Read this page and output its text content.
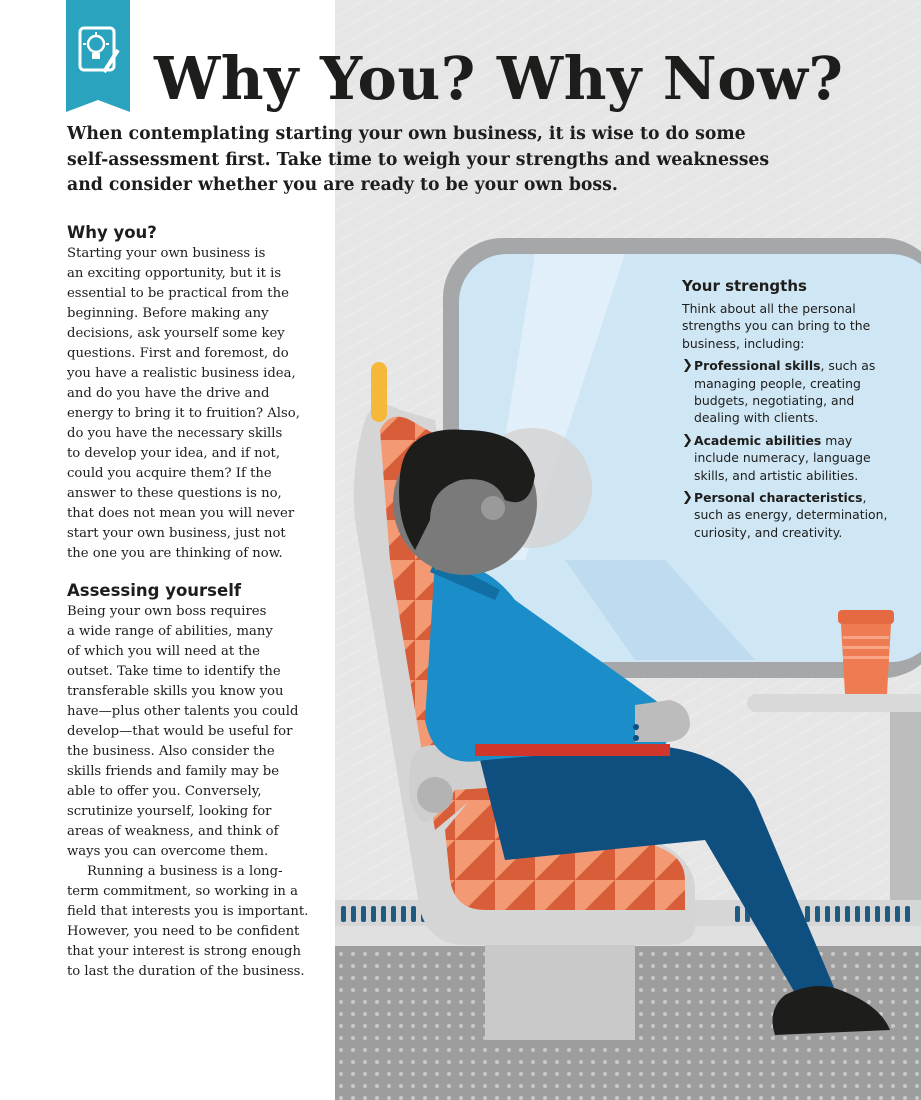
Why You? Why Now?

When contemplating starting your own business, it is wise to do some
self-assessment first. Take time to weigh your strengths and weaknesses
and consider whether you are ready to be your own boss.

Why you?

Starting your own business is
an exciting opportunity, but it is
essential to be practical from the
beginning. Before making any
decisions, ask yourself some key
questions. First and foremost, do
you have a realistic business idea,
and do you have the drive and
energy to bring it to fruition? Also,
do you have the necessary skills
to develop your idea, and if not,
could you acquire them? If the
answer to these questions is no,
that does not mean you will never
start your own business, just not
the one you are thinking of now.

Assessing yourself

Being your own boss requires
a wide range of abilities, many
of which you will need at the
outset. Take time to identify the
transferable skills you know you
have—plus other talents you could
develop—that would be useful for
the business. Also consider the
skills friends and family may be
able to offer you. Conversely,
scrutinize yourself, looking for
areas of weakness, and think of
ways you can overcome them.

Running a business is a long-
term commitment, so working in a
field that interests you is important.
However, you need to be confident
that your interest is strong enough
to last the duration of the business.

Your strengths

Think about all the personal
strengths you can bring to the
business, including:

❯ Professional skills, such as
managing people, creating
budgets, negotiating, and
dealing with clients.
❯ Academic abilities may
include numeracy, language
skills, and artistic abilities.
❯ Personal characteristics,
such as energy, determination,
curiosity, and creativity.
